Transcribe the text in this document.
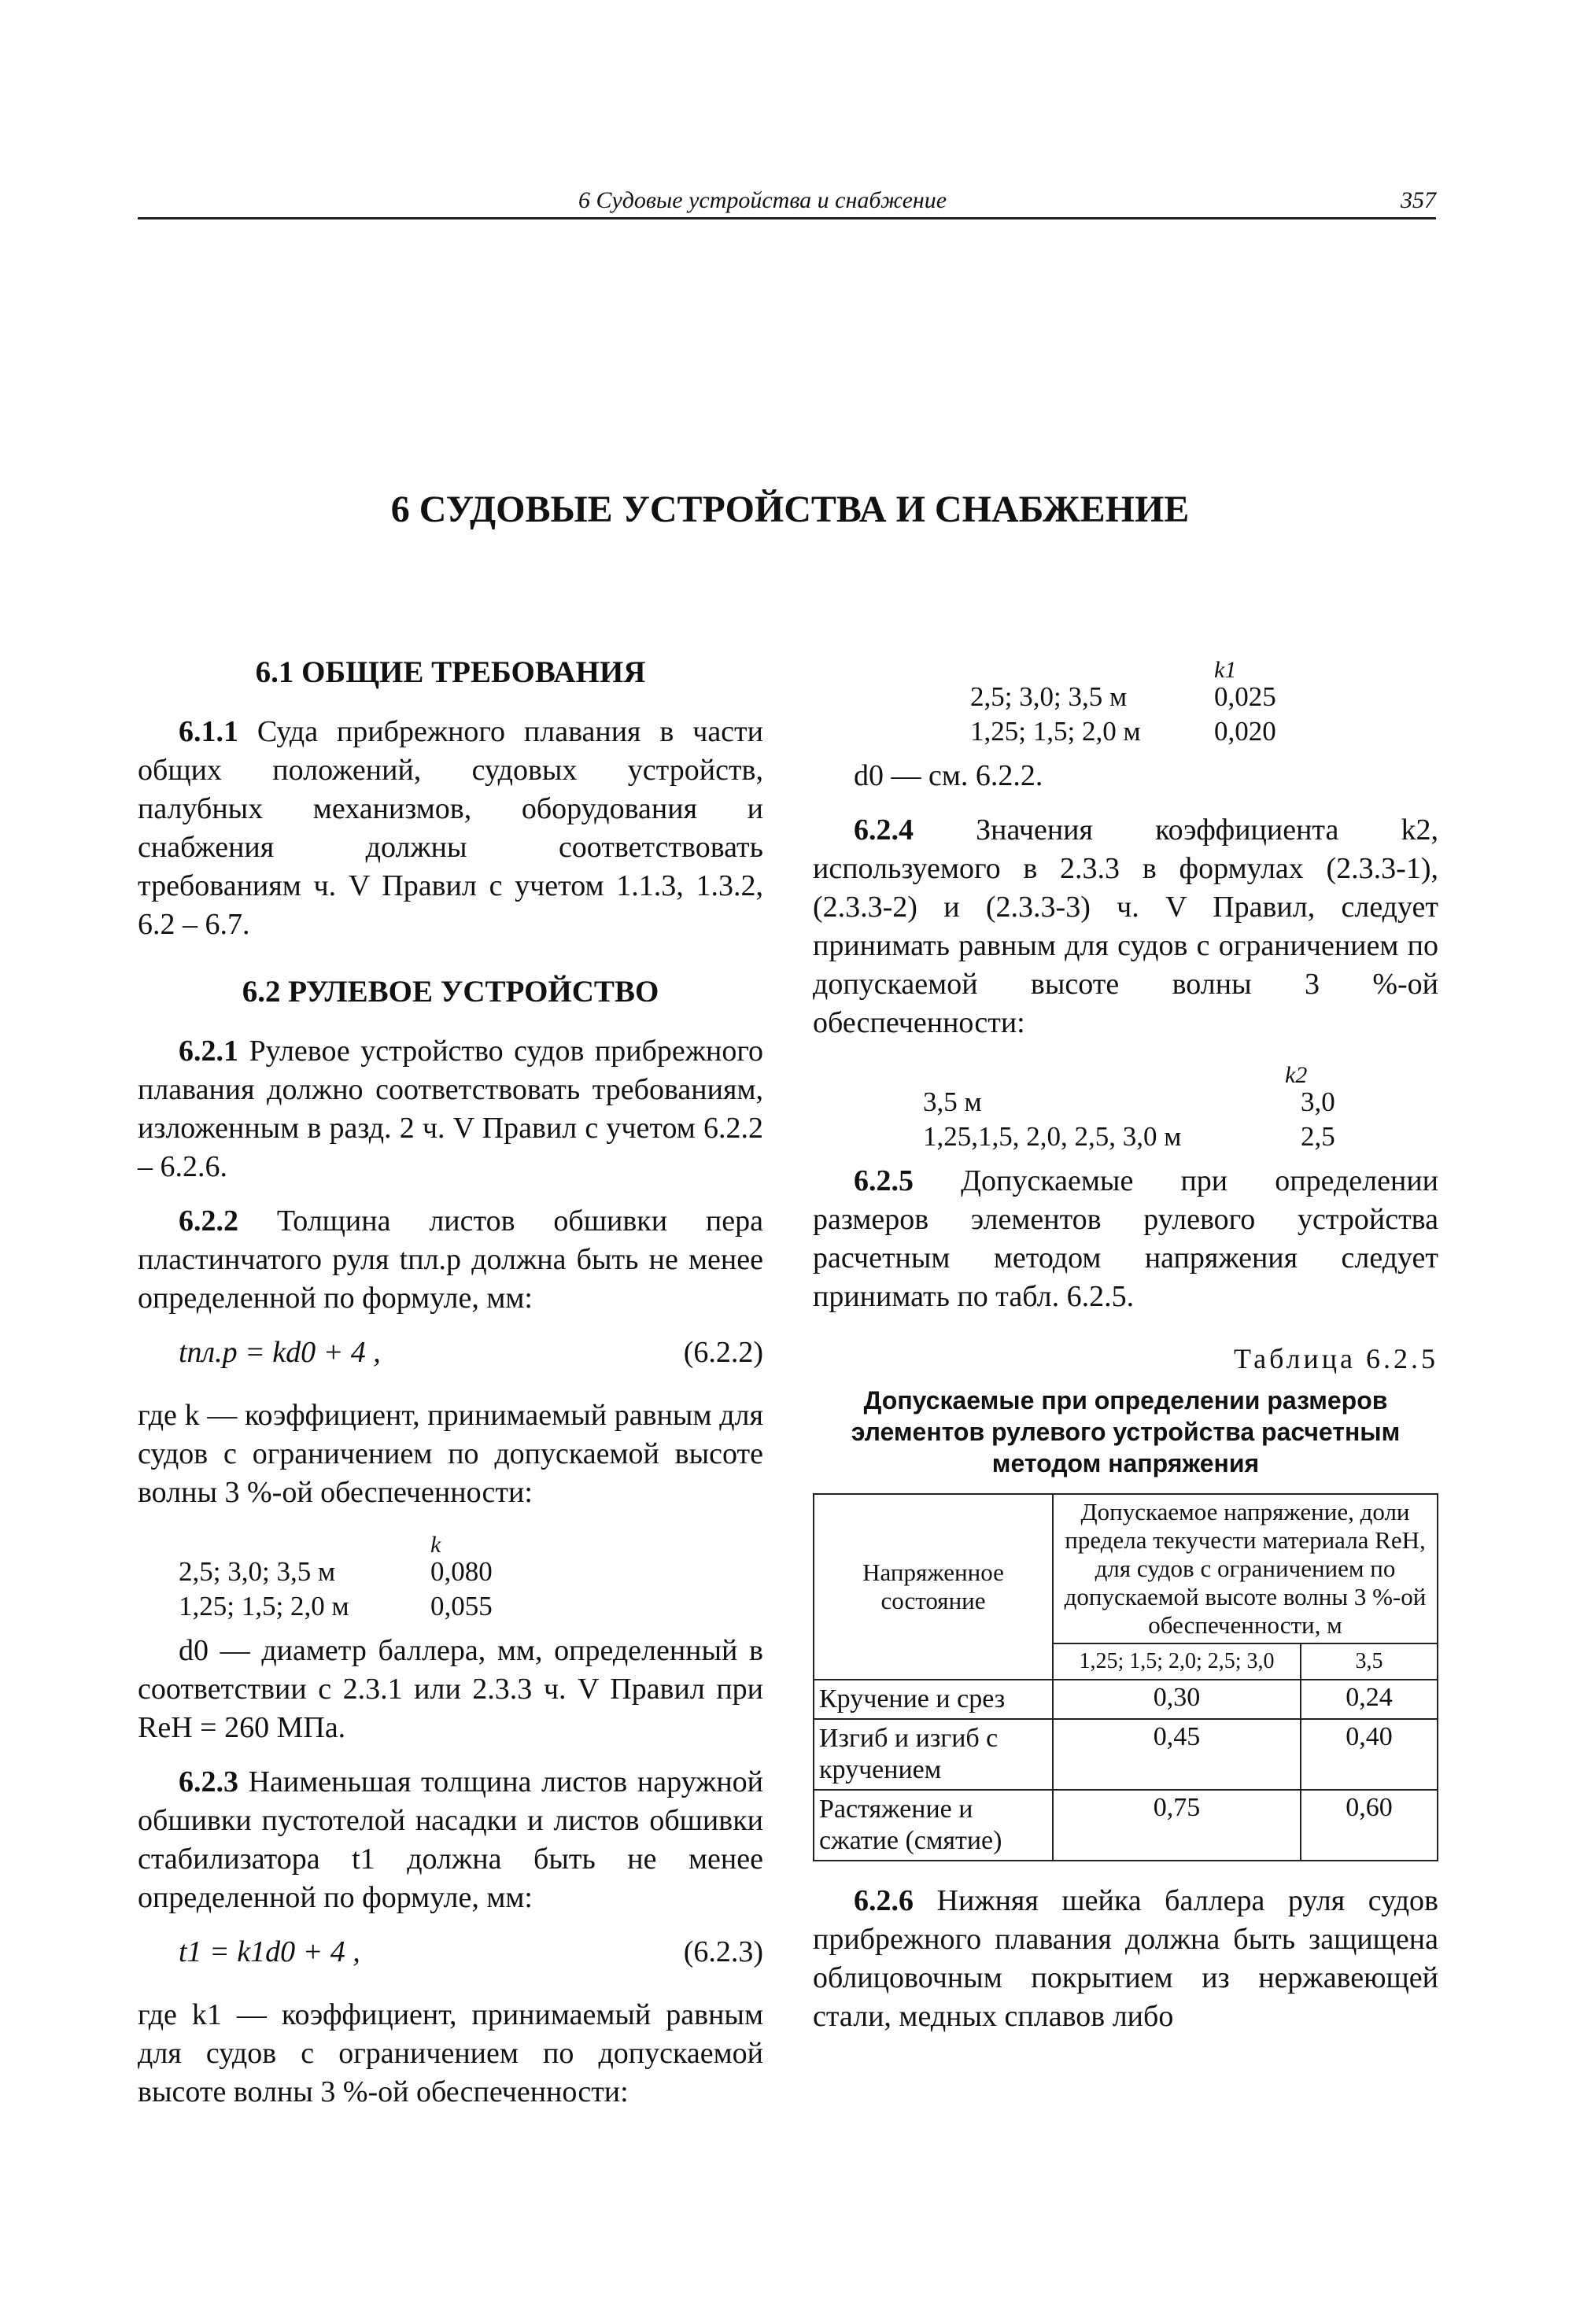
6 Судовые устройства и снабжение	357
6 СУДОВЫЕ УСТРОЙСТВА И СНАБЖЕНИЕ
6.1 ОБЩИЕ ТРЕБОВАНИЯ

6.1.1 Суда прибрежного плавания в части общих положений, судовых устройств, палубных механизмов, оборудования и снабжения должны соответствовать требованиям ч. V Правил с учетом 1.1.3, 1.3.2, 6.2 – 6.7.

6.2 РУЛЕВОЕ УСТРОЙСТВО

6.2.1 Рулевое устройство судов прибрежного плавания должно соответствовать требованиям, изложенным в разд. 2 ч. V Правил с учетом 6.2.2 – 6.2.6.

6.2.2 Толщина листов обшивки пера пластинчатого руля tпл.р должна быть не менее определенной по формуле, мм:

tпл.р = kd0 + 4 ,	(6.2.2)

где k — коэффициент, принимаемый равным для судов с ограничением по допускаемой высоте волны 3 %-ой обеспеченности:

k
2,5; 3,0; 3,5 м	0,080
1,25; 1,5; 2,0 м	0,055

d0 — диаметр баллера, мм, определенный в соответствии с 2.3.1 или 2.3.3 ч. V Правил при ReH = 260 МПа.

6.2.3 Наименьшая толщина листов наружной обшивки пустотелой насадки и листов обшивки стабилизатора t1 должна быть не менее определенной по формуле, мм:

t1 = k1d0 + 4 ,	(6.2.3)

где k1 — коэффициент, принимаемый равным для судов с ограничением по допускаемой высоте волны 3 %-ой обеспеченности:

k1
2,5; 3,0; 3,5 м	0,025
1,25; 1,5; 2,0 м	0,020

d0 — см. 6.2.2.

6.2.4 Значения коэффициента k2, используемого в 2.3.3 в формулах (2.3.3-1), (2.3.3-2) и (2.3.3-3) ч. V Правил, следует принимать равным для судов с ограничением по допускаемой высоте волны 3 %-ой обеспеченности:

k2
3,5 м	3,0
1,25,1,5, 2,0, 2,5, 3,0 м	2,5

6.2.5 Допускаемые при определении размеров элементов рулевого устройства расчетным методом напряжения следует принимать по табл. 6.2.5.

Таблица 6.2.5
Допускаемые при определении размеров элементов рулевого устройства расчетным методом напряжения
Напряженное состояние	Допускаемое напряжение, доли предела текучести материала ReH, для судов с ограничением по допускаемой высоте волны 3 %-ой обеспеченности, м	
	1,25; 1,5; 2,0; 2,5; 3,0	3,5
Кручение и срез	0,30	0,24
Изгиб и изгиб с кручением	0,45	0,40
Растяжение и сжатие (смятие)	0,75	0,60

6.2.6 Нижняя шейка баллера руля судов прибрежного плавания должна быть защищена облицовочным покрытием из нержавеющей стали, медных сплавов либо
